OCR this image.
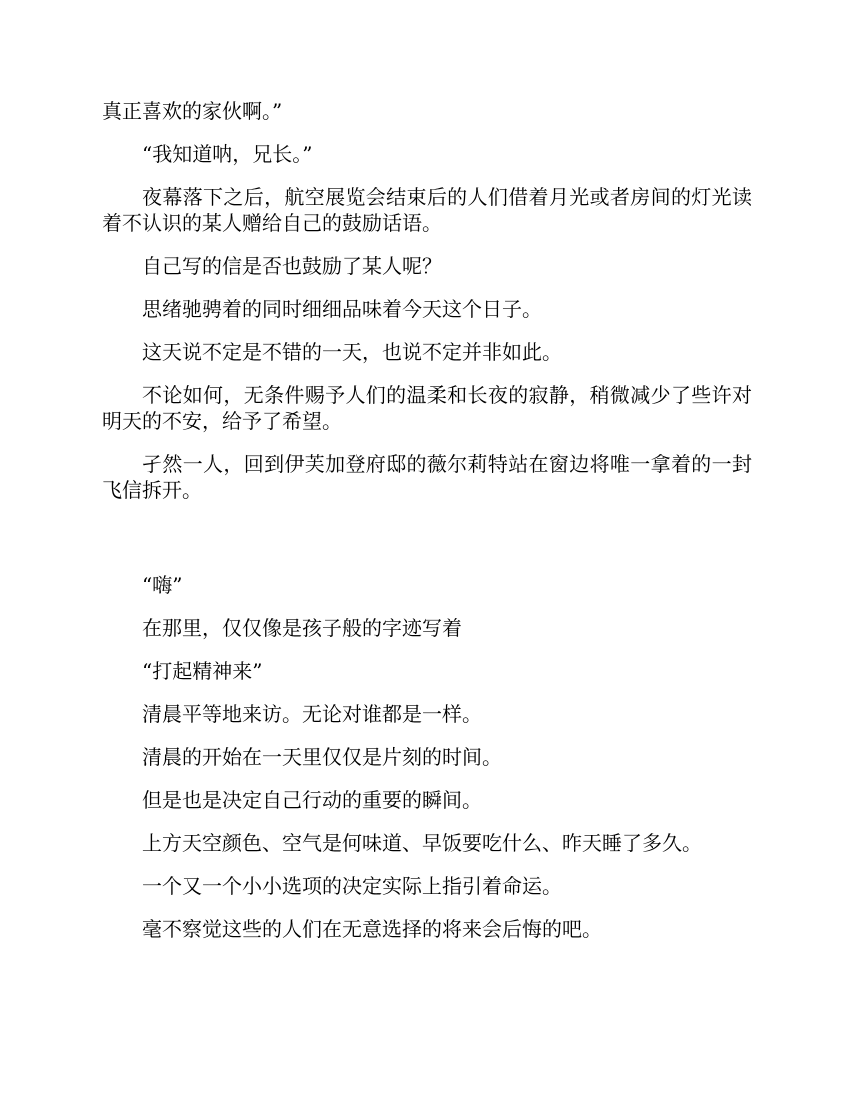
真正喜欢的家伙啊。”

“我知道呐，兄长。”

夜幕落下之后，航空展览会结束后的人们借着月光或者房间的灯光读着不认识的某人赠给自己的鼓励话语。

自己写的信是否也鼓励了某人呢？

思绪驰骋着的同时细细品味着今天这个日子。

这天说不定是不错的一天，也说不定并非如此。

不论如何，无条件赐予人们的温柔和长夜的寂静，稍微减少了些许对明天的不安，给予了希望。

孑然一人，回到伊芙加登府邸的薇尔莉特站在窗边将唯一拿着的一封飞信拆开。

“嗨”

在那里，仅仅像是孩子般的字迹写着

“打起精神来”

清晨平等地来访。无论对谁都是一样。

清晨的开始在一天里仅仅是片刻的时间。

但是也是决定自己行动的重要的瞬间。

上方天空颜色、空气是何味道、早饭要吃什么、昨天睡了多久。

一个又一个小小选项的决定实际上指引着命运。

毫不察觉这些的人们在无意选择的将来会后悔的吧。
